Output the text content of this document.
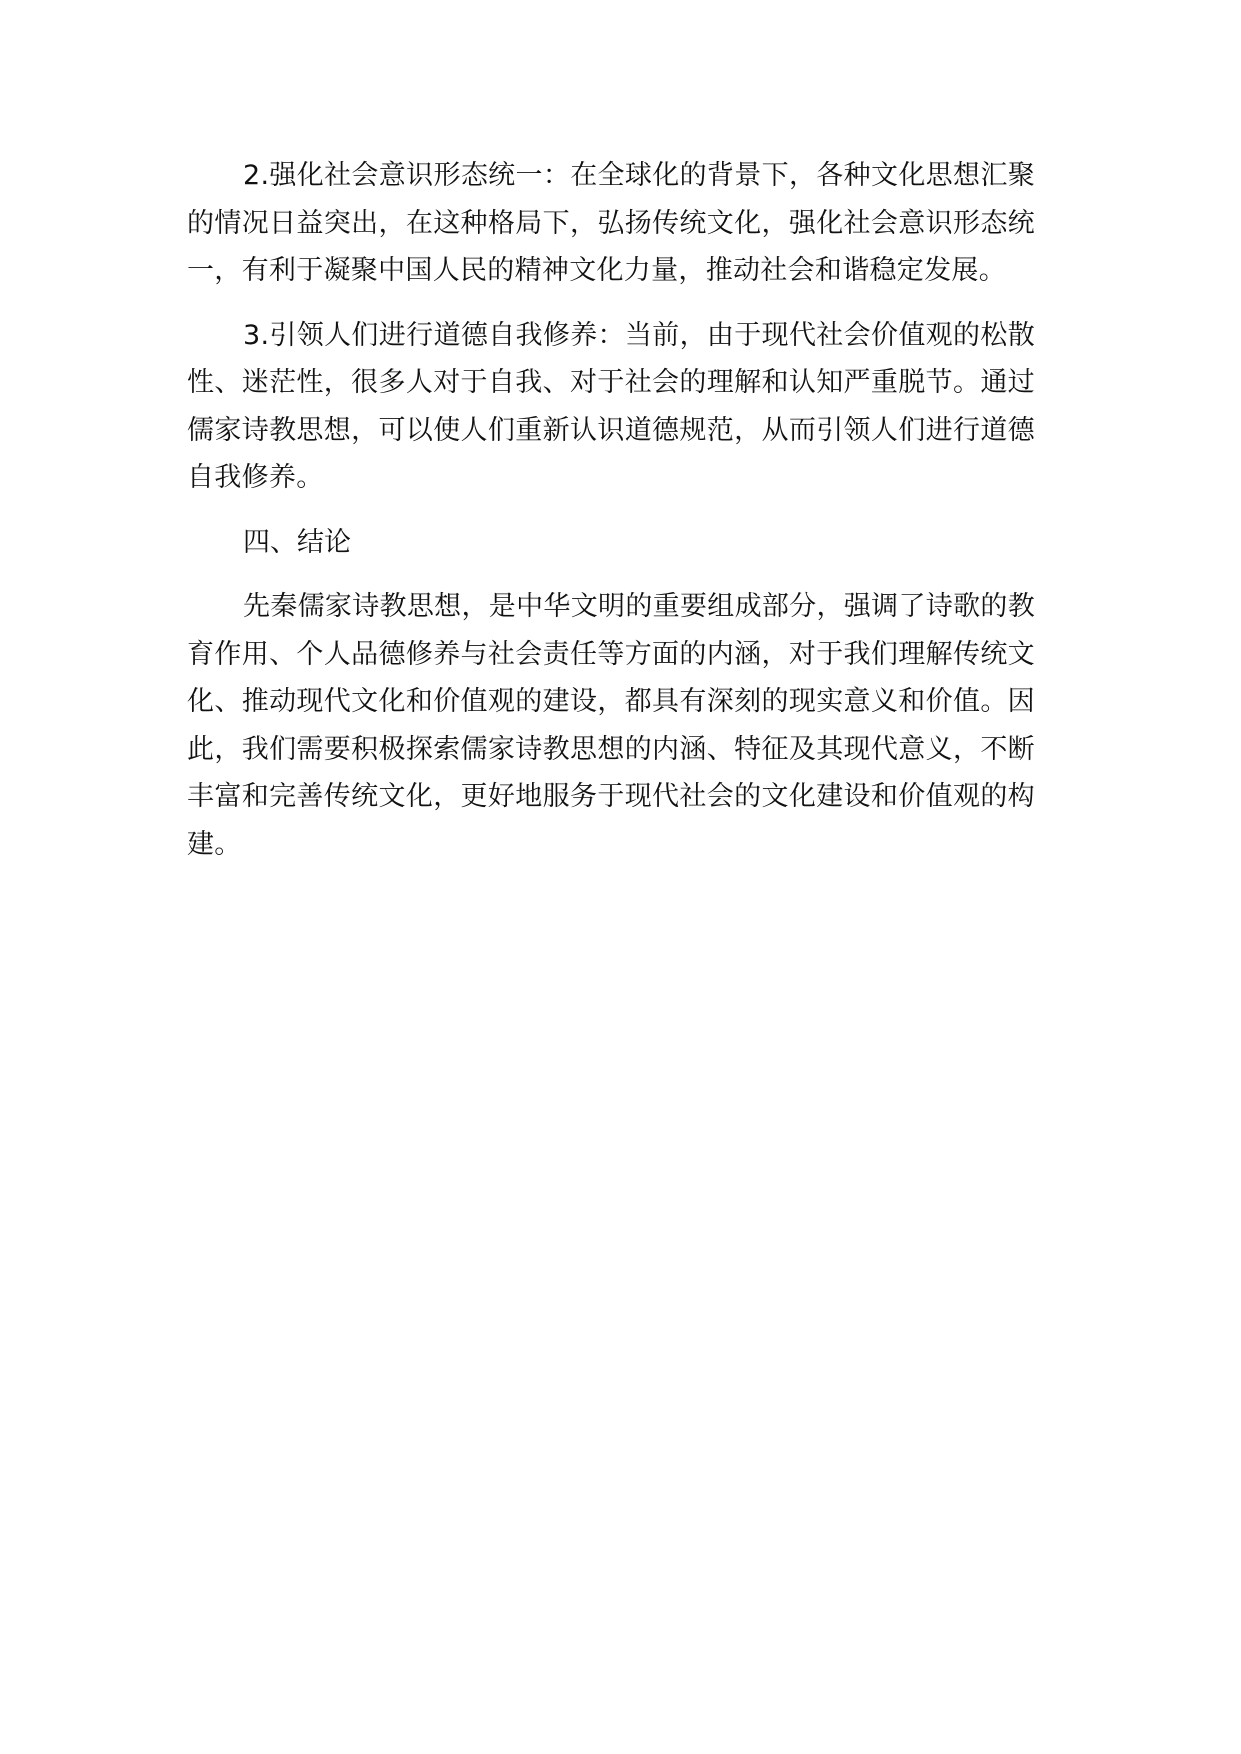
2.强化社会意识形态统一：在全球化的背景下，各种文化思想汇聚的情况日益突出，在这种格局下，弘扬传统文化，强化社会意识形态统一，有利于凝聚中国人民的精神文化力量，推动社会和谐稳定发展。

3.引领人们进行道德自我修养：当前，由于现代社会价值观的松散性、迷茫性，很多人对于自我、对于社会的理解和认知严重脱节。通过儒家诗教思想，可以使人们重新认识道德规范，从而引领人们进行道德自我修养。

四、结论

先秦儒家诗教思想，是中华文明的重要组成部分，强调了诗歌的教育作用、个人品德修养与社会责任等方面的内涵，对于我们理解传统文化、推动现代文化和价值观的建设，都具有深刻的现实意义和价值。因此，我们需要积极探索儒家诗教思想的内涵、特征及其现代意义，不断丰富和完善传统文化，更好地服务于现代社会的文化建设和价值观的构建。
